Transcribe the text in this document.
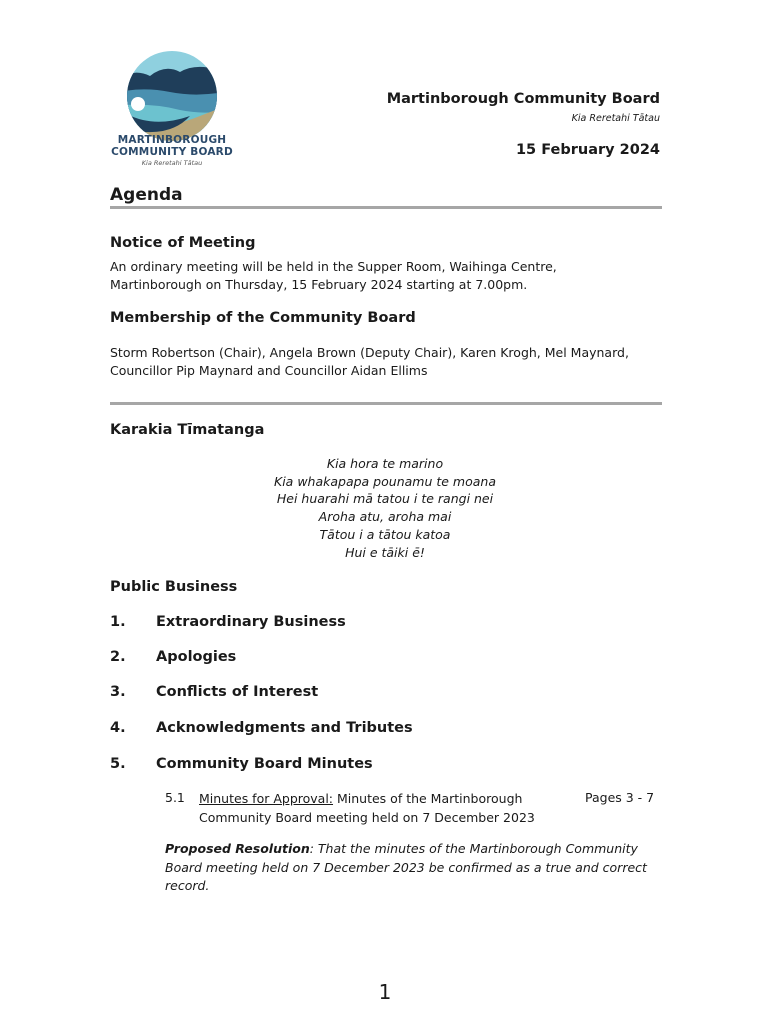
MARTINBOROUGH
COMMUNITY BOARD
Kia Reretahi Tātau
Martinborough Community Board
Kia Reretahi Tātau
15 February 2024
Agenda
Notice of Meeting
An ordinary meeting will be held in the Supper Room, Waihinga Centre, Martinborough on Thursday, 15 February 2024 starting at 7.00pm.
Membership of the Community Board
Storm Robertson (Chair), Angela Brown (Deputy Chair), Karen Krogh, Mel Maynard, Councillor Pip Maynard and Councillor Aidan Ellims
Karakia Tīmatanga
Kia hora te marino
Kia whakapapa pounamu te moana
Hei huarahi mā tatou i te rangi nei
Aroha atu, aroha mai
Tātou i a tātou katoa
Hui e tāiki ē!
Public Business
1. Extraordinary Business
2. Apologies
3. Conflicts of Interest
4. Acknowledgments and Tributes
5. Community Board Minutes
5.1 Minutes for Approval: Minutes of the Martinborough Community Board meeting held on 7 December 2023
Pages 3 - 7
Proposed Resolution: That the minutes of the Martinborough Community Board meeting held on 7 December 2023 be confirmed as a true and correct record.
1
